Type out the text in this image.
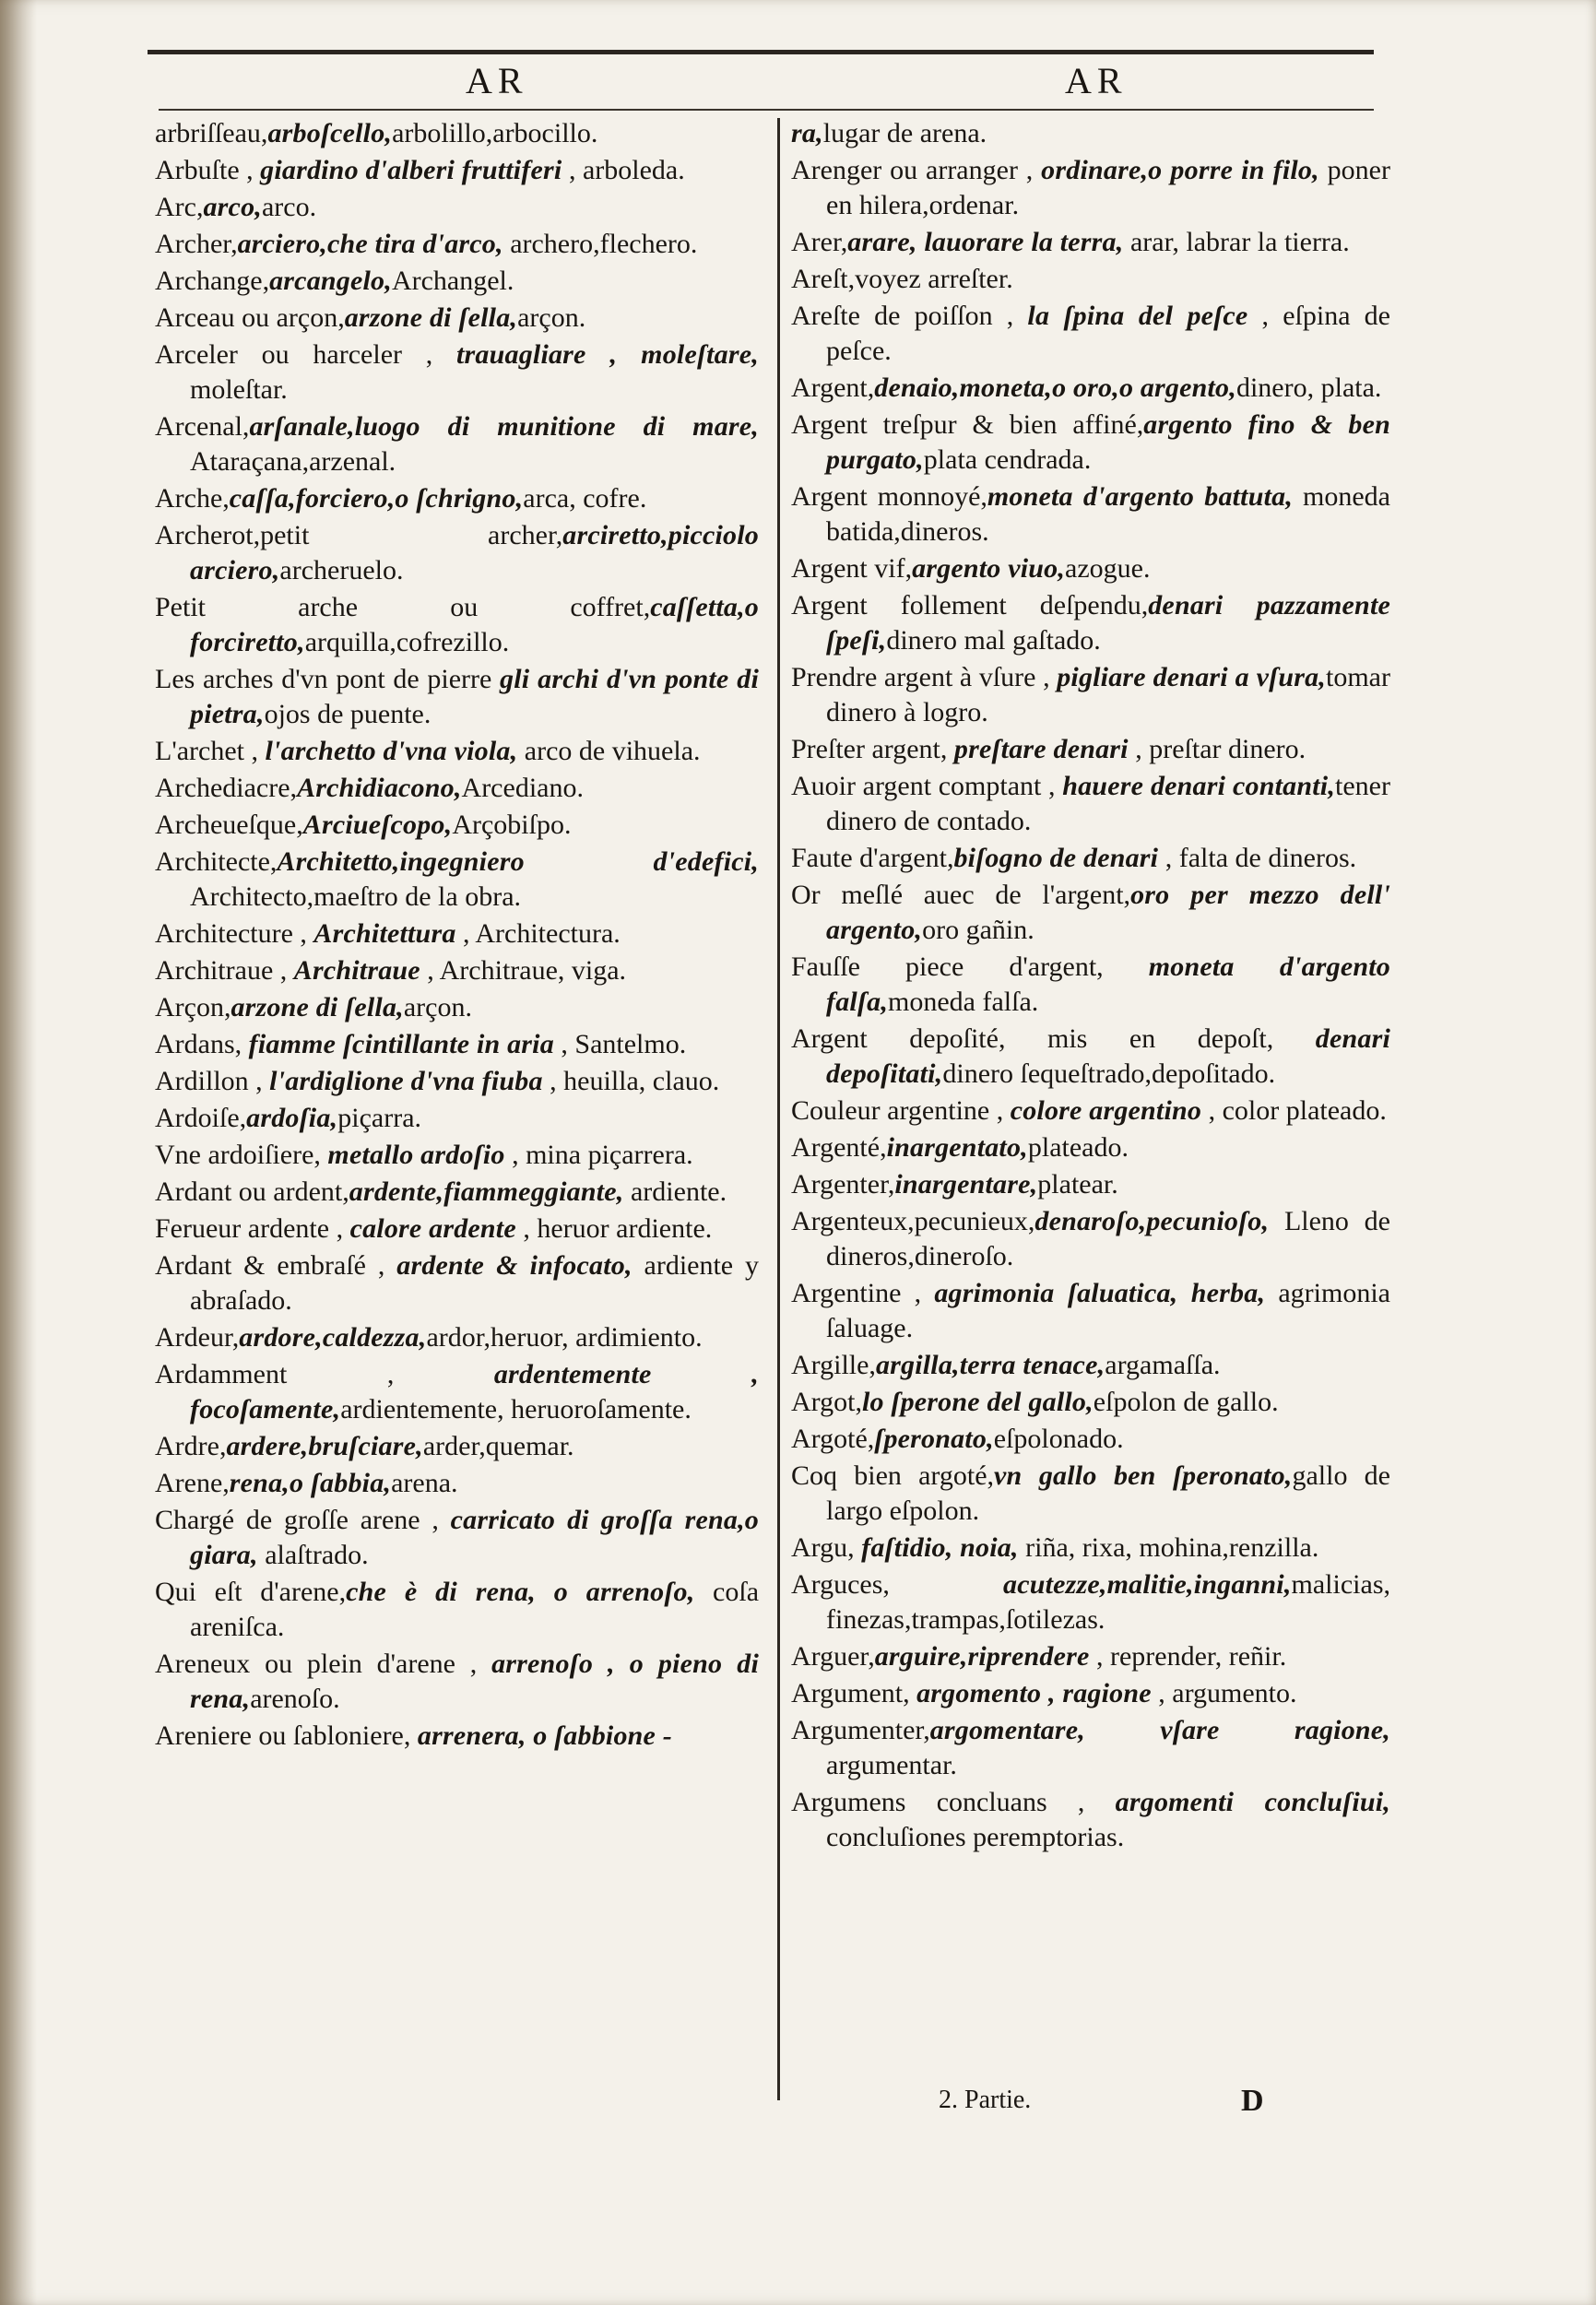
AR	AR

arbriſſeau,arboſcello,arbolillo,arbocillo.

Arbuſte , giardino d'alberi fruttiferi , arboleda.

Arc,arco,arco.

Archer,arciero,che tira d'arco, archero,flechero.

Archange,arcangelo,Archangel.

Arceau ou arçon,arzone di ſella,arçon.

Arceler ou harceler , trauagliare , moleſtare, moleſtar.

Arcenal,arſanale,luogo di munitione di mare, Ataraçana,arzenal.

Arche,caſſa,forciero,o ſchrigno,arca, cofre.

Archerot,petit archer,arciretto,picciolo arciero,archeruelo.

Petit arche ou coffret,caſſetta,o forciretto,arquilla,cofrezillo.

Les arches d'vn pont de pierre gli archi d'vn ponte di pietra,ojos de puente.

L'archet , l'archetto d'vna viola, arco de vihuela.

Archediacre,Archidiacono,Arcediano.

Archeueſque,Arciueſcopo,Arçobiſpo.

Architecte,Architetto,ingegniero d'edefici, Architecto,maeſtro de la obra.

Architecture , Architettura , Architectura.

Architraue , Architraue , Architraue, viga.

Arçon,arzone di ſella,arçon.

Ardans, fiamme ſcintillante in aria , Santelmo.

Ardillon , l'ardiglione d'vna fiuba , heuilla, clauo.

Ardoiſe,ardoſia,piçarra.

Vne ardoiſiere, metallo ardoſio , mina piçarrera.

Ardant ou ardent,ardente,fiammeggiante, ardiente.

Ferueur ardente , calore ardente , heruor ardiente.

Ardant & embraſé , ardente & infocato, ardiente y abraſado.

Ardeur,ardore,caldezza,ardor,heruor, ardimiento.

Ardamment , ardentemente , focoſamente,ardientemente, heruoroſamente.

Ardre,ardere,bruſciare,arder,quemar.

Arene,rena,o ſabbia,arena.

Chargé de groſſe arene , carricato di groſſa rena,o giara, alaſtrado.

Qui eſt d'arene,che è di rena, o arrenoſo, coſa areniſca.

Areneux ou plein d'arene , arrenoſo , o pieno di rena,arenoſo.

Areniere ou ſabloniere, arrenera, o ſabbione -

ra,lugar de arena.

Arenger ou arranger , ordinare,o porre in filo, poner en hilera,ordenar.

Arer,arare, lauorare la terra, arar, labrar la tierra.

Areſt,voyez arreſter.

Areſte de poiſſon , la ſpina del peſce , eſpina de peſce.

Argent,denaio,moneta,o oro,o argento,dinero, plata.

Argent treſpur & bien affiné,argento fino & ben purgato,plata cendrada.

Argent monnoyé,moneta d'argento battuta, moneda batida,dineros.

Argent vif,argento viuo,azogue.

Argent follement deſpendu,denari pazzamente ſpeſi,dinero mal gaſtado.

Prendre argent à vſure , pigliare denari a vſura,tomar dinero à logro.

Preſter argent, preſtare denari , preſtar dinero.

Auoir argent comptant , hauere denari contanti,tener dinero de contado.

Faute d'argent,biſogno de denari , falta de dineros.

Or meſlé auec de l'argent,oro per mezzo dell' argento,oro gañin.

Fauſſe piece d'argent, moneta d'argento falſa,moneda falſa.

Argent depoſité, mis en depoſt, denari depoſitati,dinero ſequeſtrado,depoſitado.

Couleur argentine , colore argentino , color plateado.

Argenté,inargentato,plateado.

Argenter,inargentare,platear.

Argenteux,pecunieux,denaroſo,pecunioſo, Lleno de dineros,dineroſo.

Argentine , agrimonia ſaluatica, herba, agrimonia ſaluage.

Argille,argilla,terra tenace,argamaſſa.

Argot,lo ſperone del gallo,eſpolon de gallo.

Argoté,ſperonato,eſpolonado.

Coq bien argoté,vn gallo ben ſperonato,gallo de largo eſpolon.

Argu, faſtidio, noia, riña, rixa, mohina,renzilla.

Arguces, acutezze,malitie,inganni,malicias, finezas,trampas,ſotilezas.

Arguer,arguire,riprendere , reprender, reñir.

Argument, argomento , ragione , argumento.

Argumenter,argomentare, vſare ragione, argumentar.

Argumens concluans , argomenti concluſiui, concluſiones peremptorias.

2. Partie.	D
